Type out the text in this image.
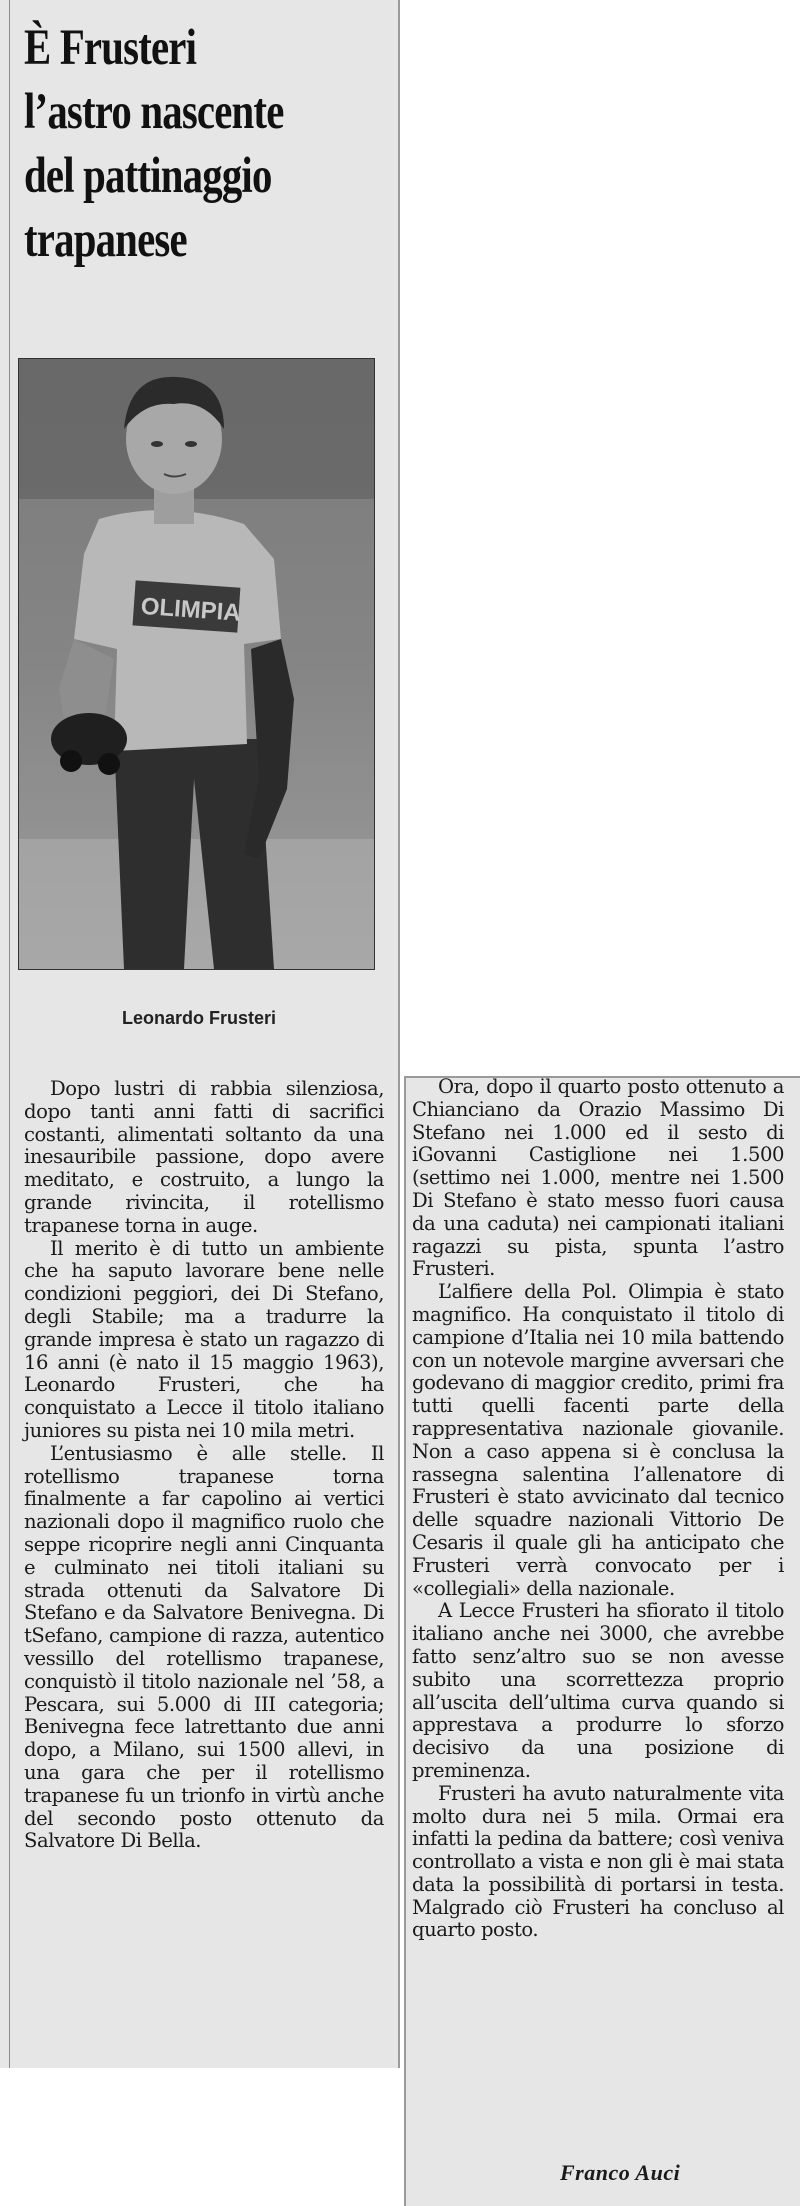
È Frusteri
l’astro nascente
del pattinaggio
trapanese
OLIMPIA
Leonardo Frusteri

Dopo lustri di rabbia silenziosa, dopo tanti anni fatti di sacrifici costanti, alimentati soltanto da una inesauribile passione, dopo avere meditato, e costruito, a lungo la grande rivincita, il rotellismo trapanese torna in auge.

Il merito è di tutto un ambiente che ha saputo lavorare bene nelle condizioni peggiori, dei Di Stefano, degli Stabile; ma a tradurre la grande impresa è stato un ragazzo di 16 anni (è nato il 15 maggio 1963), Leonardo Frusteri, che ha conquistato a Lecce il titolo italiano juniores su pista nei 10 mila metri.

L’entusiasmo è alle stelle. Il rotellismo trapanese torna finalmente a far capolino ai vertici nazionali dopo il magnifico ruolo che seppe ricoprire negli anni Cinquanta e culminato nei titoli italiani su strada ottenuti da Salvatore Di Stefano e da Salvatore Benivegna. Di tSefano, campione di razza, autentico vessillo del rotellismo trapanese, conquistò il titolo nazionale nel ’58, a Pescara, sui 5.000 di III categoria; Benivegna fece latrettanto due anni dopo, a Milano, sui 1500 allevi, in una gara che per il rotellismo trapanese fu un trionfo in virtù anche del secondo posto ottenuto da Salvatore Di Bella.

Ora, dopo il quarto posto ottenuto a Chianciano da Orazio Massimo Di Stefano nei 1.000 ed il sesto di iGovanni Castiglione nei 1.500 (settimo nei 1.000, mentre nei 1.500 Di Stefano è stato messo fuori causa da una caduta) nei campionati italiani ragazzi su pista, spunta l’astro Frusteri.

L’alfiere della Pol. Olimpia è stato magnifico. Ha conquistato il titolo di campione d’Italia nei 10 mila battendo con un notevole margine avversari che godevano di maggior credito, primi fra tutti quelli facenti parte della rappresentativa nazionale giovanile. Non a caso appena si è conclusa la rassegna salentina l’allenatore di Frusteri è stato avvicinato dal tecnico delle squadre nazionali Vittorio De Cesaris il quale gli ha anticipato che Frusteri verrà convocato per i «collegiali» della nazionale.

A Lecce Frusteri ha sfiorato il titolo italiano anche nei 3000, che avrebbe fatto senz’altro suo se non avesse subito una scorrettezza proprio all’uscita dell’ultima curva quando si apprestava a produrre lo sforzo decisivo da una posizione di preminenza.

Frusteri ha avuto naturalmente vita molto dura nei 5 mila. Ormai era infatti la pedina da battere; così veniva controllato a vista e non gli è mai stata data la possibilità di portarsi in testa. Malgrado ciò Frusteri ha concluso al quarto posto.

Franco Auci
